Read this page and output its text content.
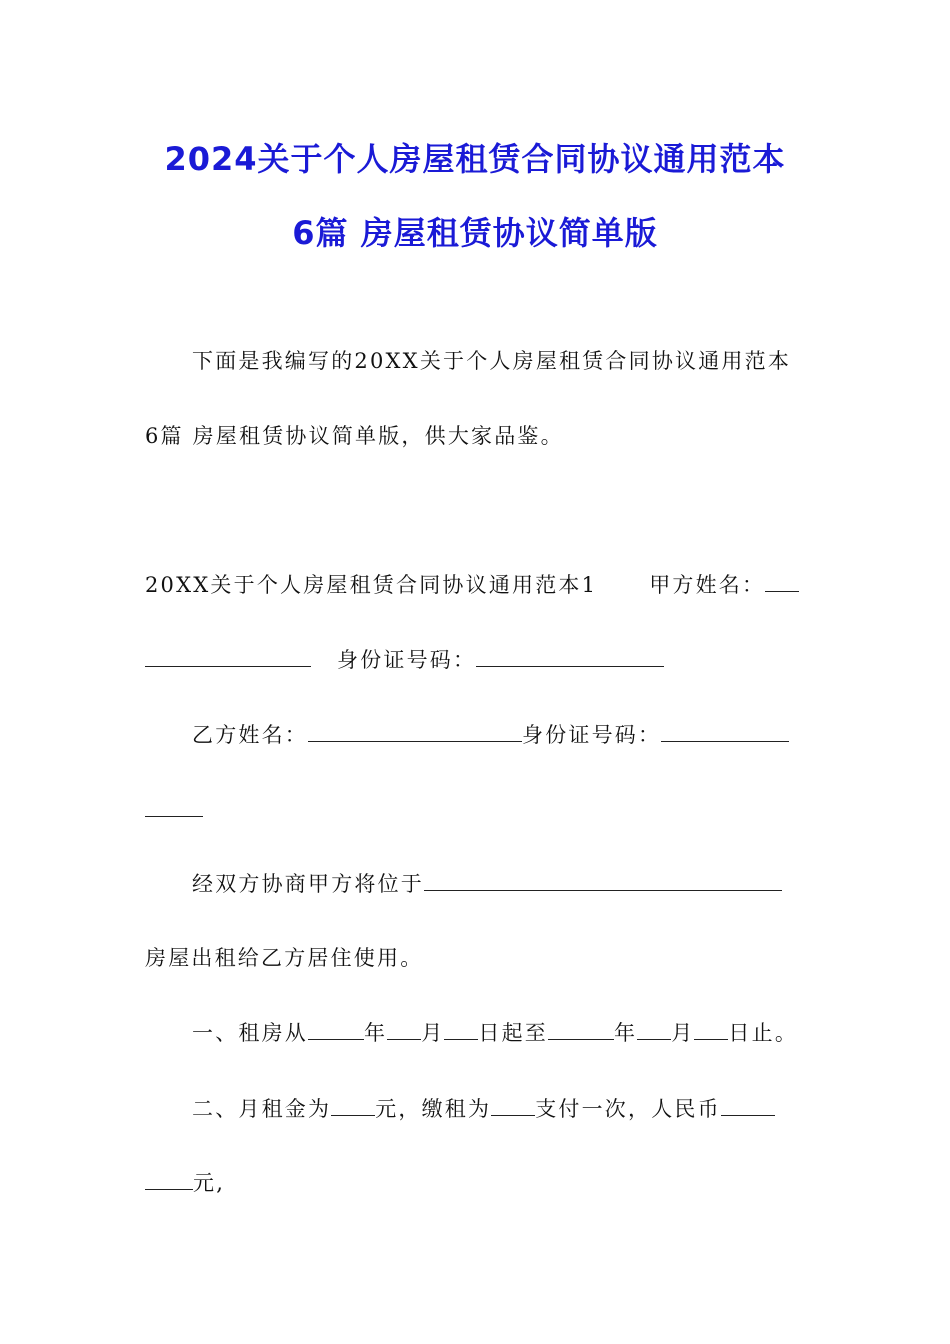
2024关于个人房屋租赁合同协议通用范本
6篇 房屋租赁协议简单版
下面是我编写的20XX关于个人房屋租赁合同协议通用范本
6篇 房屋租赁协议简单版，供大家品鉴。
20XX关于个人房屋租赁合同协议通用范本1 甲方姓名：
身份证号码：
乙方姓名：	身份证号码：
经双方协商甲方将位于
房屋出租给乙方居住使用。
一、租房从	年 月 日起至	年 月 日止。
二、月租金为 元，缴租为 支付一次，人民币
元,
